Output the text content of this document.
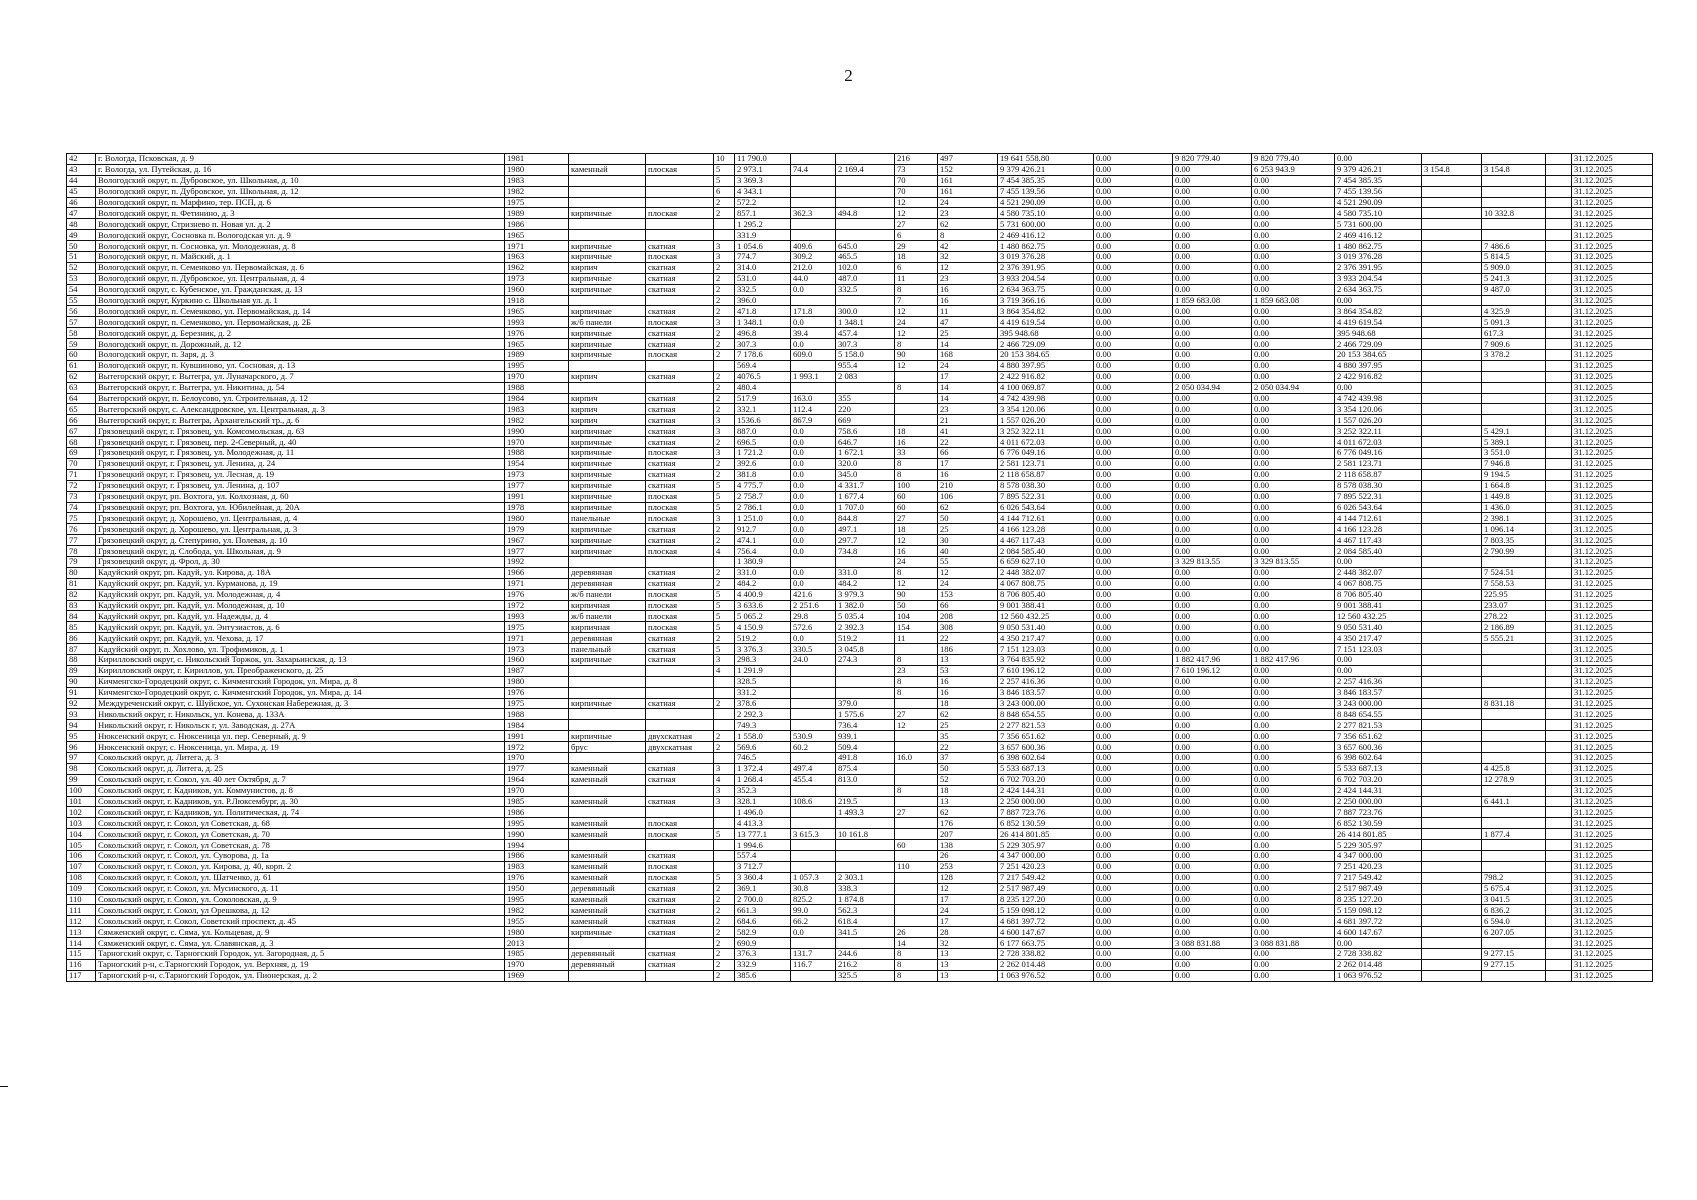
2
42	г. Вологда, Псковская, д. 9	1981			10	11 790.0			216	497	19 641 558.80	0.00	9 820 779.40	9 820 779.40	0.00				31.12.2025
43	г. Вологда, ул. Путейская, д. 16	1980	каменный	плоская	5	2 973.1	74.4	2 169.4	73	152	9 379 426.21	0.00	0.00	6 253 943.9	9 379 426.21	3 154.8	3 154.8		31.12.2025
44	Вологодский округ, п. Дубровское, ул. Школьная, д. 10	1983			5	3 369.3			70	161	7 454 385.35	0.00	0.00	0.00	7 454 385.35				31.12.2025
45	Вологодский округ, п. Дубровское, ул. Школьная, д. 12	1982			6	4 343.1			70	161	7 455 139.56	0.00	0.00	0.00	7 455 139.56				31.12.2025
46	Вологодский округ, п. Марфино, тер. ПСП, д. 6	1975			2	572.2			12	24	4 521 290.09	0.00	0.00	0.00	4 521 290.09				31.12.2025
47	Вологодский округ, п. Фетинино, д. 3	1989	кирпичные	плоская	2	857.1	362.3	494.8	12	23	4 580 735.10	0.00	0.00	0.00	4 580 735.10		10 332.8		31.12.2025
48	Вологодский округ, Стризнево п. Новая ул. д. 2	1986				1 295.2			27	62	5 731 600.00	0.00	0.00	0.00	5 731 600.00				31.12.2025
49	Вологодский округ, Сосновка п. Вологодская ул. д. 9	1965				331.9			6	8	2 469 416.12	0.00	0.00	0.00	2 469 416.12				31.12.2025
50	Вологодский округ, п. Сосновка, ул. Молодежная, д. 8	1971	кирпичные	скатная	3	1 054.6	409.6	645.0	29	42	1 480 862.75	0.00	0.00	0.00	1 480 862.75		7 486.6		31.12.2025
51	Вологодский округ, п. Майский, д. 1	1963	кирпичные	плоская	3	774.7	309.2	465.5	18	32	3 019 376.28	0.00	0.00	0.00	3 019 376.28		5 814.5		31.12.2025
52	Вологодский округ, п. Семенково ул. Первомайская, д. 6	1962	кирпич	скатная	2	314.0	212.0	102.0	6	12	2 376 391.95	0.00	0.00	0.00	2 376 391.95		5 909.0		31.12.2025
53	Вологодский округ, п. Дубровское, ул. Центральная, д. 4	1973	кирпичные	скатная	2	531.0	44.0	487.0	11	23	3 933 204.54	0.00	0.00	0.00	3 933 204.54		5 241.3		31.12.2025
54	Вологодский округ, с. Кубенское, ул. Гражданская, д. 13	1960	кирпичные	скатная	2	332.5	0.0	332.5	8	16	2 634 363.75	0.00	0.00	0.00	2 634 363.75		9 487.0		31.12.2025
55	Вологодский округ, Куркино с. Школьная ул. д. 1	1918			2	396.0			7	16	3 719 366.16	0.00	1 859 683.08	1 859 683.08	0.00				31.12.2025
56	Вологодский округ, п. Семенково, ул. Первомайская, д. 14	1965	кирпичные	скатная	2	471.8	171.8	300.0	12	11	3 864 354.82	0.00	0.00	0.00	3 864 354.82		4 325.9		31.12.2025
57	Вологодский округ, п. Семенково, ул. Первомайская, д. 2Б	1993	ж/б панели	плоская	3	1 348.1	0.0	1 348.1	24	47	4 419 619.54	0.00	0.00	0.00	4 419 619.54		5 091.3		31.12.2025
58	Вологодский округ, д. Березник, д. 2	1976	кирпичные	скатная	2	496.8	39.4	457.4	12	25	395 948.68	0.00	0.00	0.00	395 948.68		617.3		31.12.2025
59	Вологодский округ, п. Дорожный, д. 12	1965	кирпичные	скатная	2	307.3	0.0	307.3	8	14	2 466 729.09	0.00	0.00	0.00	2 466 729.09		7 909.6		31.12.2025
60	Вологодский округ, п. Заря, д. 3	1989	кирпичные	плоская	2	7 178.6	609.0	5 158.0	90	168	20 153 384.65	0.00	0.00	0.00	20 153 384.65		3 378.2		31.12.2025
61	Вологодский округ, п. Кувшиново, ул. Сосновая, д. 13	1995				569.4		955.4	12	24	4 880 397.95	0.00	0.00	0.00	4 880 397.95				31.12.2025
62	Вытегорский округ, г. Вытегра, ул. Луначарского, д. 7	1970	кирпич	скатная	2	4076.5	1 993.1	2 083		17	2 422 916.82	0.00	0.00	0.00	2 422 916.82				31.12.2025
63	Вытегорский округ, г. Вытегра, ул. Никитина, д. 54	1988			2	480.4			8	14	4 100 069.87	0.00	2 050 034.94	2 050 034.94	0.00				31.12.2025
64	Вытегорский округ, п. Белоусово, ул. Строительная, д. 12	1984	кирпич	скатная	2	517.9	163.0	355		14	4 742 439.98	0.00	0.00	0.00	4 742 439.98				31.12.2025
65	Вытегорский округ, с. Александровское, ул. Центральная, д. 3	1983	кирпич	скатная	2	332.1	112.4	220		23	3 354 120.06	0.00	0.00	0.00	3 354 120.06				31.12.2025
66	Вытегорский округ, г. Вытегра, Архангельский тр., д. 6	1982	кирпич	скатная	3	1536.6	867.9	669		21	1 557 026.20	0.00	0.00	0.00	1 557 026.20				31.12.2025
67	Грязовецкий округ, г. Грязовец, ул. Комсомольская, д. 63	1990	кирпичные	скатная	3	887.0	0.0	758.6	18	41	3 252 322.11	0.00	0.00	0.00	3 252 322.11		5 429.1		31.12.2025
68	Грязовецкий округ, г. Грязовец, пер. 2-Северный, д. 40	1970	кирпичные	скатная	2	696.5	0.0	646.7	16	22	4 011 672.03	0.00	0.00	0.00	4 011 672.03		5 389.1		31.12.2025
69	Грязовецкий округ, г. Грязовец, ул. Молодежная, д. 11	1988	кирпичные	плоская	3	1 721.2	0.0	1 672.1	33	66	6 776 049.16	0.00	0.00	0.00	6 776 049.16		3 551.0		31.12.2025
70	Грязовецкий округ, г. Грязовец, ул. Ленина, д. 24	1954	кирпичные	скатная	2	392.6	0.0	320.0	8	17	2 581 123.71	0.00	0.00	0.00	2 581 123.71		7 946.8		31.12.2025
71	Грязовецкий округ, г. Грязовец, ул. Лесная, д. 19	1973	кирпичные	скатная	2	381.8	0.0	345.0	8	16	2 118 658.87	0.00	0.00	0.00	2 118 658.87		9 194.5		31.12.2025
72	Грязовецкий округ, г. Грязовец, ул. Ленина, д. 107	1977	кирпичные	скатная	5	4 775.7	0.0	4 331.7	100	210	8 578 038.30	0.00	0.00	0.00	8 578 038.30		1 664.8		31.12.2025
73	Грязовецкий округ, рп. Вохтога, ул. Колхозная, д. 60	1991	кирпичные	плоская	5	2 758.7	0.0	1 677.4	60	106	7 895 522.31	0.00	0.00	0.00	7 895 522.31		1 449.8		31.12.2025
74	Грязовецкий округ, рп. Вохтога, ул. Юбилейная, д. 20А	1978	кирпичные	плоская	5	2 786.1	0.0	1 707.0	60	62	6 026 543.64	0.00	0.00	0.00	6 026 543.64		1 436.0		31.12.2025
75	Грязовецкий округ, д. Хорошево, ул. Центральная, д. 4	1980	панельные	плоская	3	1 251.0	0.0	844.8	27	50	4 144 712.61	0.00	0.00	0.00	4 144 712.61		2 398.1		31.12.2025
76	Грязовецкий округ, д. Хорошево, ул. Центральная, д. 3	1979	кирпичные	скатная	2	912.7	0.0	497.1	18	25	4 166 123.28	0.00	0.00	0.00	4 166 123.28		1 096.14		31.12.2025
77	Грязовецкий округ, д. Степурино, ул. Полевая, д. 10	1967	кирпичные	скатная	2	474.1	0.0	297.7	12	30	4 467 117.43	0.00	0.00	0.00	4 467 117.43		7 803.35		31.12.2025
78	Грязовецкий округ, д. Слобода, ул. Школьная, д. 9	1977	кирпичные	плоская	4	756.4	0.0	734.8	16	40	2 084 585.40	0.00	0.00	0.00	2 084 585.40		2 790.99		31.12.2025
79	Грязовецкий округ, д. Фрол, д. 30	1992				1 380.9			24	55	6 659 627.10	0.00	3 329 813.55	3 329 813.55	0.00				31.12.2025
80	Кадуйский округ, рп. Кадуй, ул. Кирова, д. 18А	1966	деревянная	скатная	2	331.0	0.0	331.0	8	12	2 448 382.07	0.00	0.00	0.00	2 448 382.07		7 524.51		31.12.2025
81	Кадуйский округ, рп. Кадуй, ул. Курманова, д. 19	1971	деревянная	скатная	2	484.2	0.0	484.2	12	24	4 067 808.75	0.00	0.00	0.00	4 067 808.75		7 558.53		31.12.2025
82	Кадуйский округ, рп. Кадуй, ул. Молодежная, д. 4	1976	ж/б панели	плоская	5	4 400.9	421.6	3 979.3	90	153	8 706 805.40	0.00	0.00	0.00	8 706 805.40		225.95		31.12.2025
83	Кадуйский округ, рп. Кадуй, ул. Молодежная, д. 10	1972	кирпичная	плоская	5	3 633.6	2 251.6	1 382.0	50	66	9 001 388.41	0.00	0.00	0.00	9 001 388.41		233.07		31.12.2025
84	Кадуйский округ, рп. Кадуй, ул. Надежды, д. 4	1993	ж/б панели	плоская	5	5 065.2	29.8	5 035.4	104	208	12 560 432.25	0.00	0.00	0.00	12 560 432.25		278.22		31.12.2025
85	Кадуйский округ, рп. Кадуй, ул. Энтузиастов, д. 6	1975	кирпичная	плоская	5	4 150.9	572.6	2 392.3	154	308	9 050 531.40	0.00	0.00	0.00	9 050 531.40		2 186.89		31.12.2025
86	Кадуйский округ, рп. Кадуй, ул. Чехова, д. 17	1971	деревянная	скатная	2	519.2	0.0	519.2	11	22	4 350 217.47	0.00	0.00	0.00	4 350 217.47		5 555.21		31.12.2025
87	Кадуйский округ, п. Хохлово, ул. Трофимиков, д. 1	1973	панельный	скатная	5	3 376.3	330.5	3 045.8		186	7 151 123.03	0.00	0.00	0.00	7 151 123.03				31.12.2025
88	Кирилловский округ, с. Никольский Торжок, ул. Захарьинская, д. 13	1960	кирпичные	скатная	3	298.3	24.0	274.3	8	13	3 764 835.92	0.00	1 882 417.96	1 882 417.96	0.00				31.12.2025
89	Кирилловский округ, г. Кириллов, ул. Преображенского, д. 25	1987			4	1 291.9			23	53	7 610 196.12	0.00	7 610 196.12	0.00	0.00				31.12.2025
90	Кичменгско-Городецкий округ, с. Кичменгский Городок, ул. Мира, д. 8	1980				328.5			8	16	2 257 416.36	0.00	0.00	0.00	2 257 416.36				31.12.2025
91	Кичменгско-Городецкий округ, с. Кичменгский Городок, ул. Мира, д. 14	1976				331.2			8	16	3 846 183.57	0.00	0.00	0.00	3 846 183.57				31.12.2025
92	Междуреченский округ, с. Шуйское, ул. Сухонская Набережная, д. 3	1975	кирпичные	скатная	2	378.6		379.0		18	3 243 000.00	0.00	0.00	0.00	3 243 000.00		8 831.18		31.12.2025
93	Никольский округ, г. Никольск, ул. Конева, д. 133А	1988				2 292.3		1 575.6	27	62	8 848 654.55	0.00	0.00	0.00	8 848 654.55				31.12.2025
94	Никольский округ, г. Никольск г, ул. Заводская, д. 27А	1984				749.3		736.4	12	25	2 277 821.53	0.00	0.00	0.00	2 277 821.53				31.12.2025
95	Нюксенский округ, с. Нюксеница ул. пер. Северный, д. 9	1991	кирпичные	двухскатная	2	1 558.0	530.9	939.1		35	7 356 651.62	0.00	0.00	0.00	7 356 651.62				31.12.2025
96	Нюксенский округ, с. Нюксеница, ул. Мира, д. 19	1972	брус	двухскатная	2	569.6	60.2	509.4		22	3 657 600.36	0.00	0.00	0.00	3 657 600.36				31.12.2025
97	Сокольский округ, д. Литега, д. 3	1970				746.5		491.8	16.0	37	6 398 602.64	0.00	0.00	0.00	6 398 602.64				31.12.2025
98	Сокольский округ, д. Литега, д. 25	1977	каменный	скатная	3	1 372.4	497.4	875.4		50	5 533 687.13	0.00	0.00	0.00	5 533 687.13		4 425.8		31.12.2025
99	Сокольский округ, г. Сокол, ул. 40 лет Октября, д. 7	1964	каменный	скатная	4	1 268.4	455.4	813.0		52	6 702 703.20	0.00	0.00	0.00	6 702 703.20		12 278.9		31.12.2025
100	Сокольский округ, г. Кадников, ул. Коммунистов, д. 8	1970			3	352.3			8	18	2 424 144.31	0.00	0.00	0.00	2 424 144.31				31.12.2025
101	Сокольский округ, г. Кадников, ул. Р.Люксембург, д. 30	1985	каменный	скатная	3	328.1	108.6	219.5		13	2 250 000.00	0.00	0.00	0.00	2 250 000.00		6 441.1		31.12.2025
102	Сокольский округ, г. Кадников, ул. Политическая, д. 74	1986				1 496.0		1 493.3	27	62	7 887 723.76	0.00	0.00	0.00	7 887 723.76				31.12.2025
103	Сокольский округ, г. Сокол, ул Советская, д. 68	1995	каменный	плоская		4 413.3				176	6 852 130.59	0.00	0.00	0.00	6 852 130.59				31.12.2025
104	Сокольский округ, г. Сокол, ул Советская, д. 70	1990	каменный	плоская	5	13 777.1	3 615.3	10 161.8		207	26 414 801.85	0.00	0.00	0.00	26 414 801.85		1 877.4		31.12.2025
105	Сокольский округ, г. Сокол, ул Советская, д. 78	1994				1 994.6			60	138	5 229 305.97	0.00	0.00	0.00	5 229 305.97				31.12.2025
106	Сокольский округ, г. Сокол, ул. Суворова, д. 1а	1986	каменный	скатная		557.4				26	4 347 000.00	0.00	0.00	0.00	4 347 000.00				31.12.2025
107	Сокольский округ, г. Сокол, ул. Кирова, д. 40, корп. 2	1983	каменный	плоская		3 712.7			110	253	7 251 420.23	0.00	0.00	0.00	7 251 420.23				31.12.2025
108	Сокольский округ, г. Сокол, ул. Шатченко, д. 61	1976	каменный	плоская	5	3 360.4	1 057.3	2 303.1		128	7 217 549.42	0.00	0.00	0.00	7 217 549.42		798.2		31.12.2025
109	Сокольский округ, г. Сокол, ул. Мусинского, д. 11	1950	деревянный	скатная	2	369.1	30.8	338.3		12	2 517 987.49	0.00	0.00	0.00	2 517 987.49		5 675.4		31.12.2025
110	Сокольский округ, г. Сокол, ул. Соколовская, д. 9	1995	каменный	скатная	2	2 700.0	825.2	1 874.8		17	8 235 127.20	0.00	0.00	0.00	8 235 127.20		3 041.5		31.12.2025
111	Сокольский округ, г. Сокол, ул Орешкова, д. 12	1982	каменный	скатная	2	661.3	99.0	562.3		24	5 159 098.12	0.00	0.00	0.00	5 159 098.12		6 836.2		31.12.2025
112	Сокольский округ, г. Сокол, Советский проспект, д. 45	1955	каменный	скатная	2	684.6	66.2	618.4		17	4 681 397.72	0.00	0.00	0.00	4 681 397.72		6 594.0		31.12.2025
113	Сямженский округ, с. Сяма, ул. Кольцевая, д. 9	1980	кирпичные	скатная	2	582.9	0.0	341.5	26	28	4 600 147.67	0.00	0.00	0.00	4 600 147.67		6 207.05		31.12.2025
114	Сямженский округ, с. Сяма, ул. Славянская, д. 3	2013			2	690.9			14	32	6 177 663.75	0.00	3 088 831.88	3 088 831.88	0.00				31.12.2025
115	Тарногский округ, с. Тарногский Городок, ул. Загородная, д. 5	1985	деревянный	скатная	2	376.3	131.7	244.6	8	13	2 728 338.82	0.00	0.00	0.00	2 728 338.82		9 277.15		31.12.2025
116	Тарногский р-н, с.Тарногский Городок, ул. Верхняя, д. 19	1970	деревянный	скатная	2	332.9	116.7	216.2	8	13	2 262 014.48	0.00	0.00	0.00	2 262 014.48		9 277.15		31.12.2025
117	Тарногский р-н, с.Тарногский Городок, ул. Пионерская, д. 2	1969			2	385.6		325.5	8	13	1 063 976.52	0.00	0.00	0.00	1 063 976.52				31.12.2025
